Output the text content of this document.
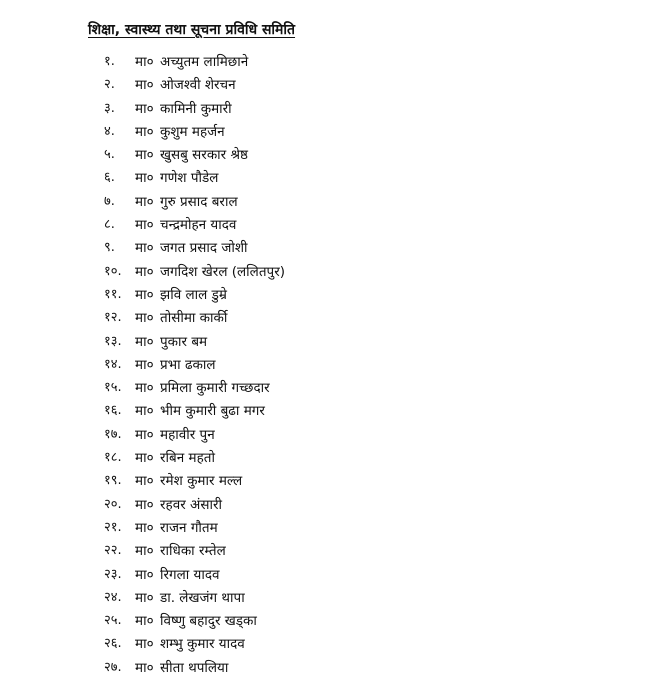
शिक्षा, स्वास्थ्य तथा सूचना प्रविधि समिति
१. मा० अच्युतम लामिछाने
२. मा० ओजश्वी शेरचन
३. मा० कामिनी कुमारी
४. मा० कुशुम महर्जन
५. मा० खुसबु सरकार श्रेष्ठ
६. मा० गणेश पौडेल
७. मा० गुरु प्रसाद बराल
८. मा० चन्द्रमोहन यादव
९. मा० जगत प्रसाद जोशी
१०. मा० जगदिश खेरल (ललितपुर)
११. मा० झवि लाल डुम्रे
१२. मा० तोसीमा कार्की
१३. मा० पुकार बम
१४. मा० प्रभा ढकाल
१५. मा० प्रमिला कुमारी गच्छदार
१६. मा० भीम कुमारी बुढा मगर
१७. मा० महावीर पुन
१८. मा० रबिन महतो
१९. मा० रमेश कुमार मल्ल
२०. मा० रहवर अंसारी
२१. मा० राजन गौतम
२२. मा० राधिका रम्तेल
२३. मा० रिगला यादव
२४. मा० डा. लेखजंग थापा
२५. मा० विष्णु बहादुर खड्का
२६. मा० शम्भु कुमार यादव
२७. मा० सीता थपलिया
